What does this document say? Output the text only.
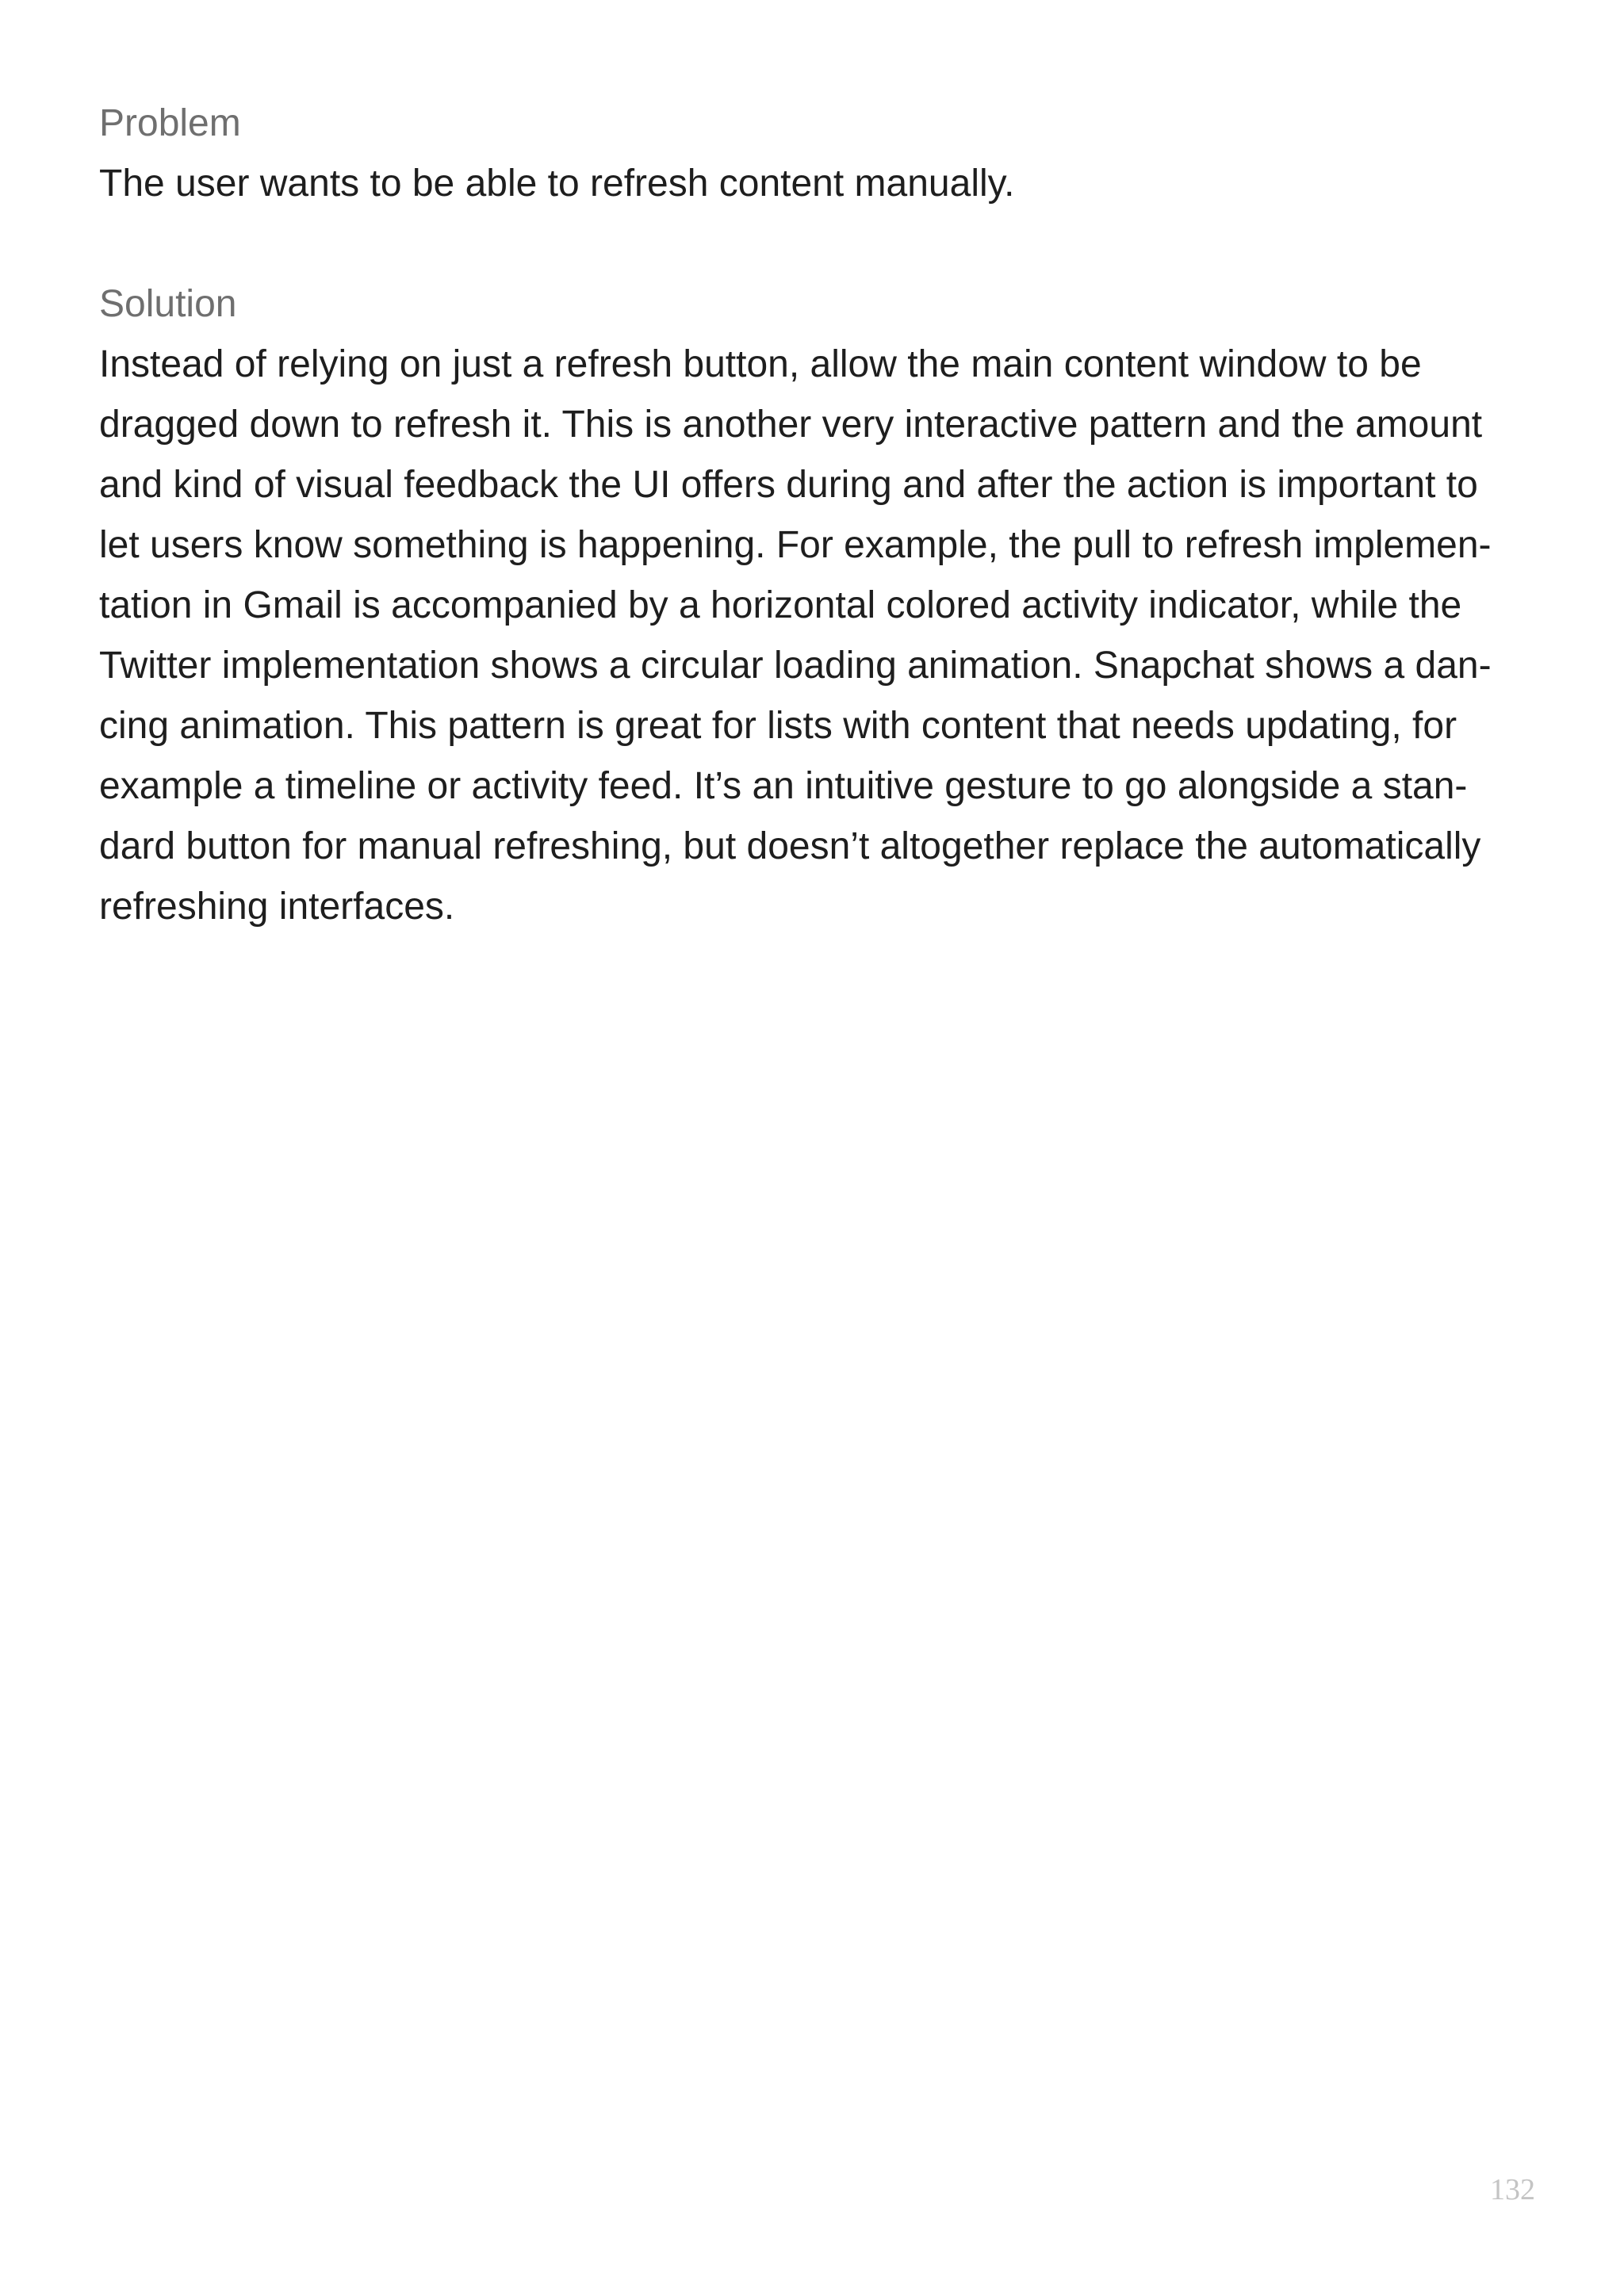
Problem

The user wants to be able to refresh content manually.

Solution

Instead of relying on just a refresh button, allow the main content window to be

dragged down to refresh it. This is another very interactive pattern and the amount

and kind of visual feedback the UI offers during and after the action is important to

let users know something is happening. For example, the pull to refresh implemen-

tation in Gmail is accompanied by a horizontal colored activity indicator, while the

Twitter implementation shows a circular loading animation. Snapchat shows a dan-

cing animation. This pattern is great for lists with content that needs updating, for

example a timeline or activity feed. It’s an intuitive gesture to go alongside a stan-

dard button for manual refreshing, but doesn’t altogether replace the automatically

refreshing interfaces.

132
